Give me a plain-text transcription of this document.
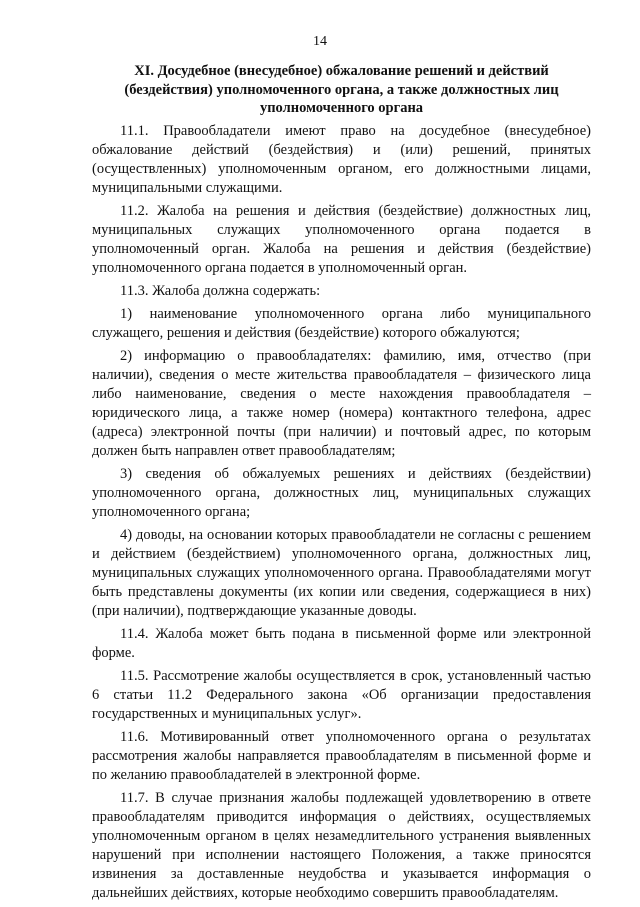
14
XI. Досудебное (внесудебное) обжалование решений и действий
(бездействия) уполномоченного органа, а также должностных лиц
уполномоченного органа

11.1. Правообладатели имеют право на досудебное (внесудебное) обжалование действий (бездействия) и (или) решений, принятых (осуществленных) уполномоченным органом, его должностными лицами, муниципальными служащими.

11.2. Жалоба на решения и действия (бездействие) должностных лиц, муниципальных служащих уполномоченного органа подается в уполномоченный орган. Жалоба на решения и действия (бездействие) уполномоченного органа подается в уполномоченный орган.

11.3. Жалоба должна содержать:

1) наименование уполномоченного органа либо муниципального служащего, решения и действия (бездействие) которого обжалуются;

2) информацию о правообладателях: фамилию, имя, отчество (при наличии), сведения о месте жительства правообладателя – физического лица либо наименование, сведения о месте нахождения правообладателя – юридического лица, а также номер (номера) контактного телефона, адрес (адреса) электронной почты (при наличии) и почтовый адрес, по которым должен быть направлен ответ правообладателям;

3) сведения об обжалуемых решениях и действиях (бездействии) уполномоченного органа, должностных лиц, муниципальных служащих уполномоченного органа;

4) доводы, на основании которых правообладатели не согласны с решением и действием (бездействием) уполномоченного органа, должностных лиц, муниципальных служащих уполномоченного органа. Правообладателями могут быть представлены документы (их копии или сведения, содержащиеся в них) (при наличии), подтверждающие указанные доводы.

11.4. Жалоба может быть подана в письменной форме или электронной форме.

11.5. Рассмотрение жалобы осуществляется в срок, установленный частью 6 статьи 11.2 Федерального закона «Об организации предоставления государственных и муниципальных услуг».

11.6. Мотивированный ответ уполномоченного органа о результатах рассмотрения жалобы направляется правообладателям в письменной форме и по желанию правообладателей в электронной форме.

11.7. В случае признания жалобы подлежащей удовлетворению в ответе правообладателям приводится информация о действиях, осуществляемых уполномоченным органом в целях незамедлительного устранения выявленных нарушений при исполнении настоящего Положения, а также приносятся извинения за доставленные неудобства и указывается информация о дальнейших действиях, которые необходимо совершить правообладателям.
